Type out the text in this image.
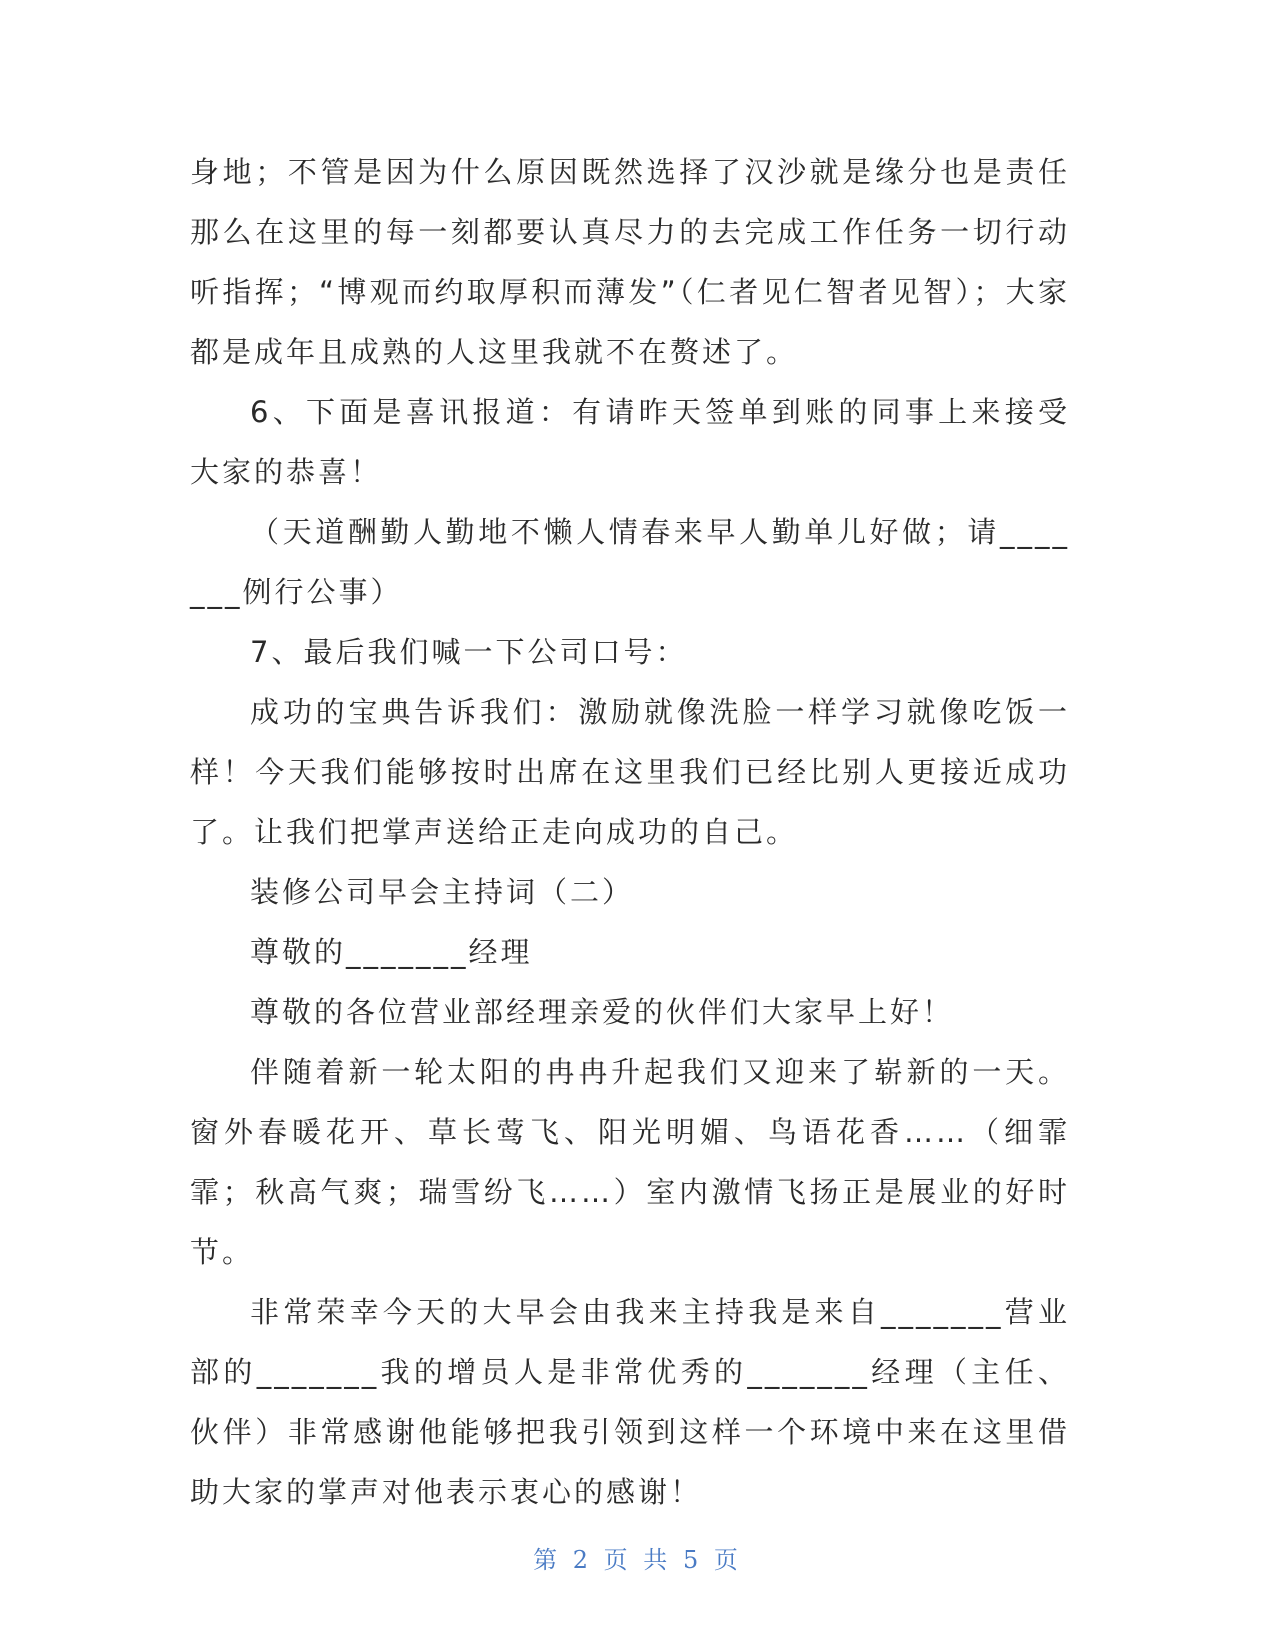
身地；不管是因为什么原因既然选择了汉沙就是缘分也是责任那么在这里的每一刻都要认真尽力的去完成工作任务一切行动听指挥；“博观而约取厚积而薄发”（仁者见仁智者见智）；大家都是成年且成熟的人这里我就不在赘述了。

6、下面是喜讯报道：有请昨天签单到账的同事上来接受大家的恭喜！

（天道酬勤人勤地不懒人情春来早人勤单儿好做；请_______例行公事）

7、最后我们喊一下公司口号：

成功的宝典告诉我们：激励就像洗脸一样学习就像吃饭一样！今天我们能够按时出席在这里我们已经比别人更接近成功了。让我们把掌声送给正走向成功的自己。

装修公司早会主持词（二）

尊敬的_______经理

尊敬的各位营业部经理亲爱的伙伴们大家早上好！

伴随着新一轮太阳的冉冉升起我们又迎来了崭新的一天。窗外春暖花开、草长莺飞、阳光明媚、鸟语花香……（细霏霏；秋高气爽；瑞雪纷飞……）室内激情飞扬正是展业的好时节。

非常荣幸今天的大早会由我来主持我是来自_______营业部的_______我的增员人是非常优秀的_______经理（主任、伙伴）非常感谢他能够把我引领到这样一个环境中来在这里借助大家的掌声对他表示衷心的感谢！

第 2 页 共 5 页
